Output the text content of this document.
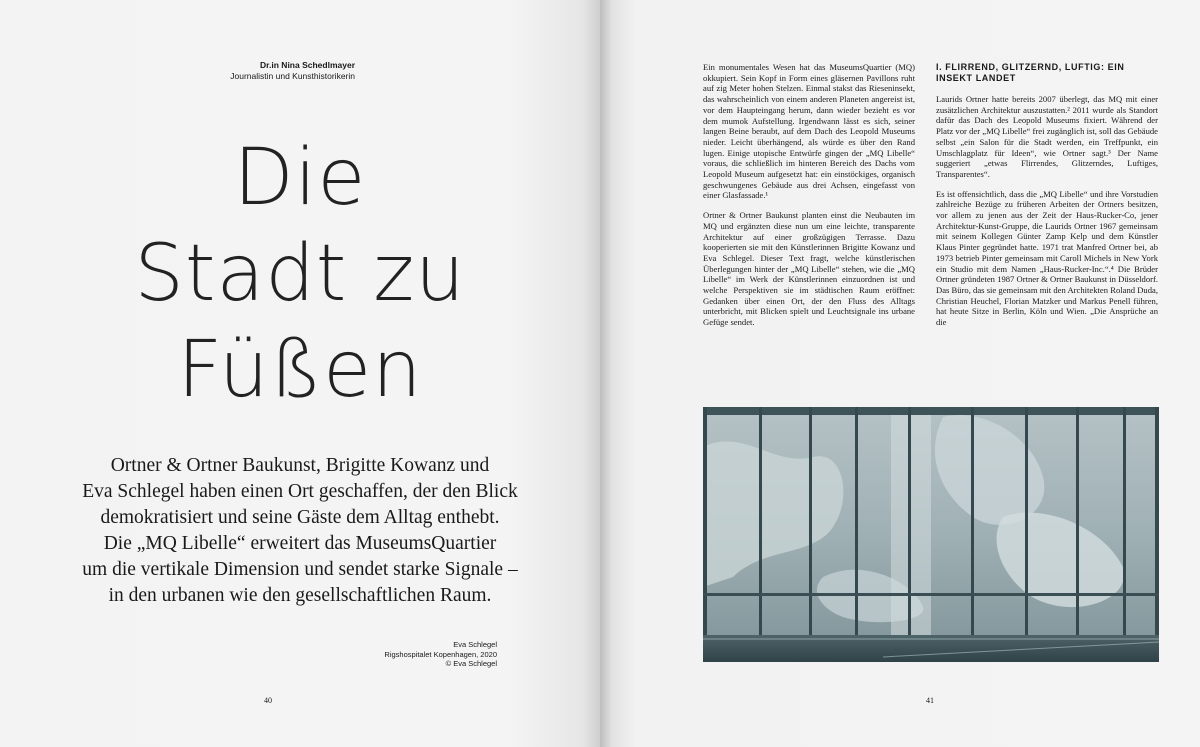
Dr.in Nina Schedlmayer
Journalistin und Kunsthistorikerin
Die
Stadt zu
Füßen
Ortner & Ortner Baukunst, Brigitte Kowanz und
Eva Schlegel haben einen Ort geschaffen, der den Blick
demokratisiert und seine Gäste dem Alltag enthebt.
Die „MQ Libelle“ erweitert das MuseumsQuartier
um die vertikale Dimension und sendet starke Signale –
in den urbanen wie den gesellschaftlichen Raum.
Eva Schlegel
Rigshospitalet Kopenhagen, 2020
© Eva Schlegel
40

Ein monumentales Wesen hat das MuseumsQuartier (MQ) okkupiert. Sein Kopf in Form eines gläsernen Pavillons ruht auf zig Meter hohen Stelzen. Einmal stakst das Rieseninsekt, das wahrscheinlich von einem anderen Planeten angereist ist, vor dem Haupteingang herum, dann wieder bezieht es vor dem mumok Aufstellung. Irgendwann lässt es sich, seiner langen Beine beraubt, auf dem Dach des Leopold Museums nieder. Leicht überhängend, als würde es über den Rand lugen. Einige utopische Entwürfe gingen der „MQ Libelle“ voraus, die schließlich im hinteren Bereich des Dachs vom Leopold Museum aufgesetzt hat: ein einstöckiges, organisch geschwungenes Gebäude aus drei Achsen, eingefasst von einer Glasfassade.¹

Ortner & Ortner Baukunst planten einst die Neubauten im MQ und ergänzten diese nun um eine leichte, transparente Architektur auf einer großzügigen Terrasse. Dazu kooperierten sie mit den Künstlerinnen Brigitte Kowanz und Eva Schlegel. Dieser Text fragt, welche künstlerischen Überlegungen hinter der „MQ Libelle“ stehen, wie die „MQ Libelle“ im Werk der Künstlerinnen einzuordnen ist und welche Perspektiven sie im städtischen Raum eröffnet: Gedanken über einen Ort, der den Fluss des Alltags unterbricht, mit Blicken spielt und Leuchtsignale ins urbane Gefüge sendet.

I. FLIRREND, GLITZERND, LUFTIG: EIN INSEKT LANDET

Laurids Ortner hatte bereits 2007 überlegt, das MQ mit einer zusätzlichen Architektur auszustatten.² 2011 wurde als Standort dafür das Dach des Leopold Museums fixiert. Während der Platz vor der „MQ Libelle“ frei zugänglich ist, soll das Gebäude selbst „ein Salon für die Stadt werden, ein Treffpunkt, ein Umschlagplatz für Ideen“, wie Ortner sagt.³ Der Name suggeriert „etwas Flirrendes, Glitzerndes, Luftiges, Transparentes“.

Es ist offensichtlich, dass die „MQ Libelle“ und ihre Vorstudien zahlreiche Bezüge zu früheren Arbeiten der Ortners besitzen, vor allem zu jenen aus der Zeit der Haus-Rucker-Co, jener Architektur-Kunst-Gruppe, die Laurids Ortner 1967 gemeinsam mit seinem Kollegen Günter Zamp Kelp und dem Künstler Klaus Pinter gegründet hatte. 1971 trat Manfred Ortner bei, ab 1973 betrieb Pinter gemeinsam mit Caroll Michels in New York ein Studio mit dem Namen „Haus-Rucker-Inc.“.⁴ Die Brüder Ortner gründeten 1987 Ortner & Ortner Baukunst in Düsseldorf. Das Büro, das sie gemeinsam mit den Architekten Roland Duda, Christian Heuchel, Florian Matzker und Markus Penell führen, hat heute Sitze in Berlin, Köln und Wien. „Die Ansprüche an die

41
